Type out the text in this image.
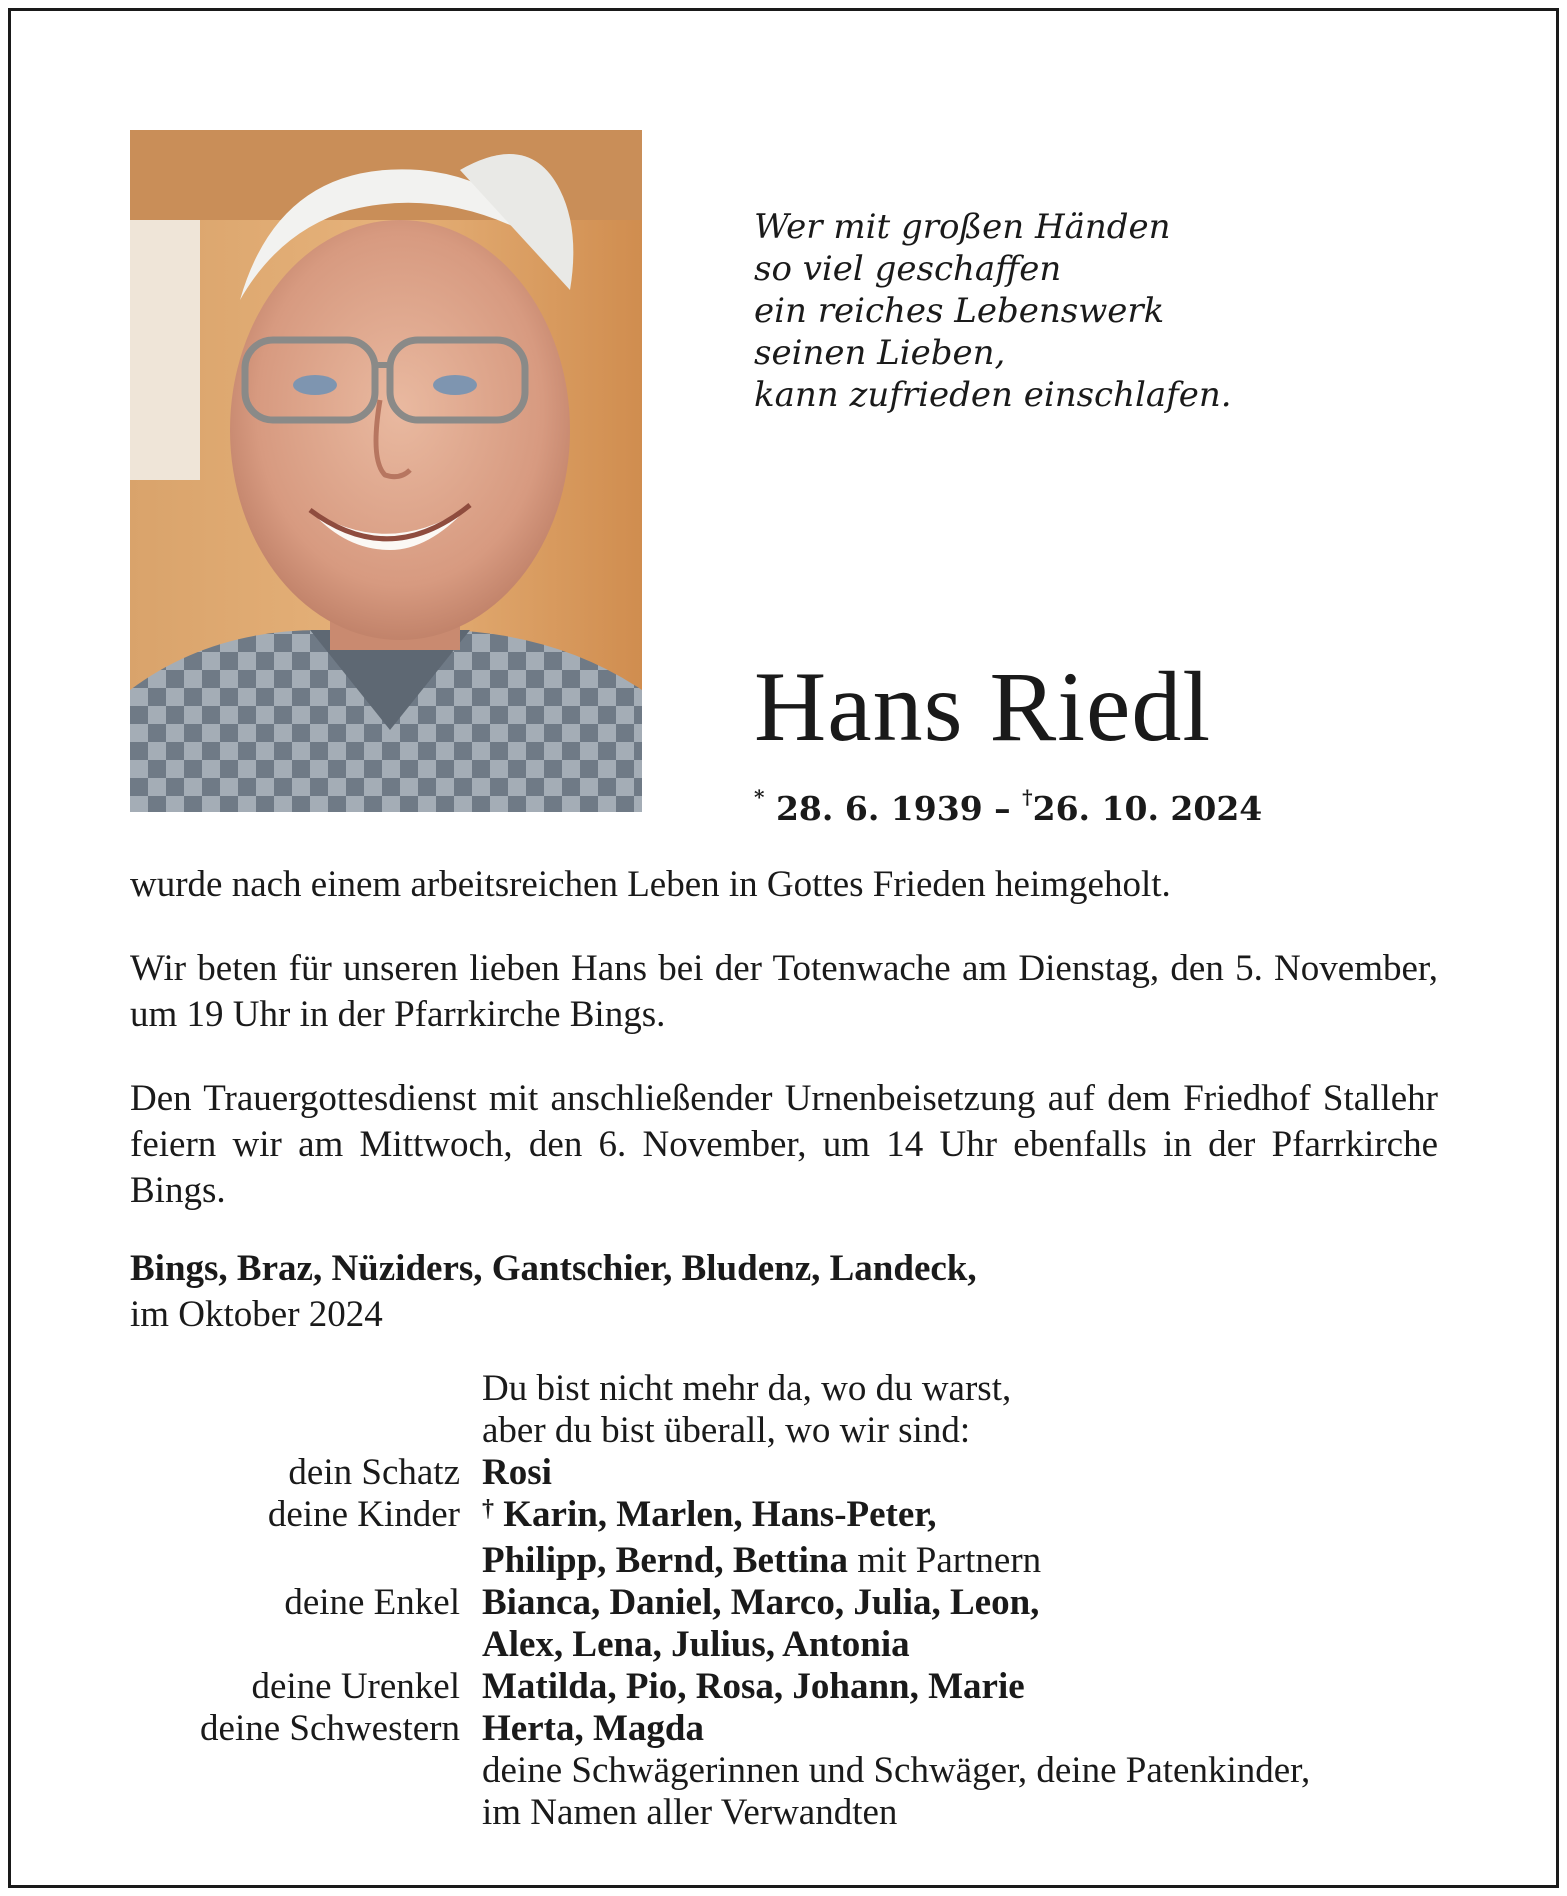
Wer mit großen Händen
so viel geschaffen
ein reiches Lebenswerk
seinen Lieben,
kann zufrieden einschlafen.
Hans Riedl
* 28. 6. 1939 – †26. 10. 2024
wurde nach einem arbeitsreichen Leben in Gottes Frieden heimgeholt.
Wir beten für unseren lieben Hans bei der Totenwache am Dienstag, den 5. November, um 19 Uhr in der Pfarrkirche Bings.
Den Trauergottesdienst mit anschließender Urnenbeisetzung auf dem Friedhof Stallehr feiern wir am Mittwoch, den 6. November, um 14 Uhr ebenfalls in der Pfarrkirche Bings.
Bings, Braz, Nüziders, Gantschier, Bludenz, Landeck,
im Oktober 2024
Du bist nicht mehr da, wo du warst,
aber du bist überall, wo wir sind:
dein Schatz Rosi
deine Kinder † Karin, Marlen, Hans-Peter,
Philipp, Bernd, Bettina mit Partnern
deine Enkel Bianca, Daniel, Marco, Julia, Leon,
Alex, Lena, Julius, Antonia
deine Urenkel Matilda, Pio, Rosa, Johann, Marie
deine Schwestern Herta, Magda
deine Schwägerinnen und Schwäger, deine Patenkinder,
im Namen aller Verwandten
